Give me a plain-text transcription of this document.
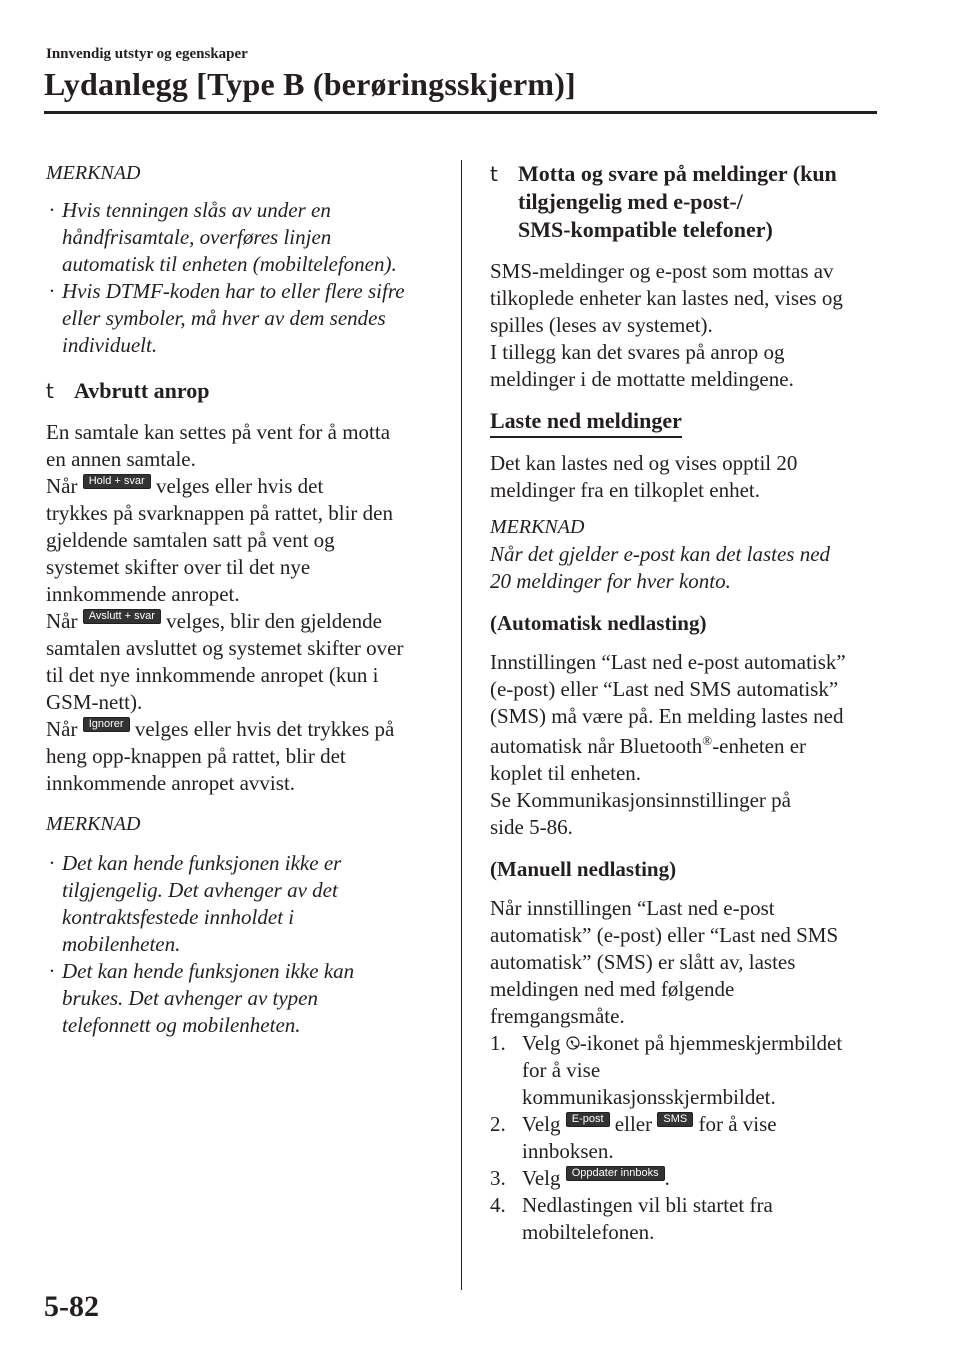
Innvendig utstyr og egenskaper
Lydanlegg [Type B (berøringsskjerm)]
MERKNAD
· Hvis tenningen slås av under en
håndfrisamtale, overføres linjen
automatisk til enheten (mobiltelefonen).
· Hvis DTMF-koden har to eller flere sifre
eller symboler, må hver av dem sendes
individuelt.
t Avbrutt anrop
En samtale kan settes på vent for å motta
en annen samtale.
Når Hold + svar velges eller hvis det
trykkes på svarknappen på rattet, blir den
gjeldende samtalen satt på vent og
systemet skifter over til det nye
innkommende anropet.
Når Avslutt + svar velges, blir den gjeldende
samtalen avsluttet og systemet skifter over
til det nye innkommende anropet (kun i
GSM-nett).
Når Ignorer velges eller hvis det trykkes på
heng opp-knappen på rattet, blir det
innkommende anropet avvist.
MERKNAD
· Det kan hende funksjonen ikke er
tilgjengelig. Det avhenger av det
kontraktsfestede innholdet i
mobilenheten.
· Det kan hende funksjonen ikke kan
brukes. Det avhenger av typen
telefonnett og mobilenheten.
t Motta og svare på meldinger (kun
tilgjengelig med e-post-/
SMS-kompatible telefoner)
SMS-meldinger og e-post som mottas av
tilkoplede enheter kan lastes ned, vises og
spilles (leses av systemet).
I tillegg kan det svares på anrop og
meldinger i de mottatte meldingene.
Laste ned meldinger
Det kan lastes ned og vises opptil 20
meldinger fra en tilkoplet enhet.
MERKNAD
Når det gjelder e-post kan det lastes ned
20 meldinger for hver konto.
(Automatisk nedlasting)
Innstillingen “Last ned e-post automatisk”
(e-post) eller “Last ned SMS automatisk”
(SMS) må være på. En melding lastes ned
automatisk når Bluetooth®-enheten er
koplet til enheten.
Se Kommunikasjonsinnstillinger på
side 5-86.
(Manuell nedlasting)
Når innstillingen “Last ned e-post
automatisk” (e-post) eller “Last ned SMS
automatisk” (SMS) er slått av, lastes
meldingen ned med følgende
fremgangsmåte.
1. Velg -ikonet på hjemmeskjermbildet
for å vise
kommunikasjonsskjermbildet.
2. Velg E-post eller SMS for å vise
innboksen.
3. Velg Oppdater innboks .
4. Nedlastingen vil bli startet fra
mobiltelefonen.
5-82
